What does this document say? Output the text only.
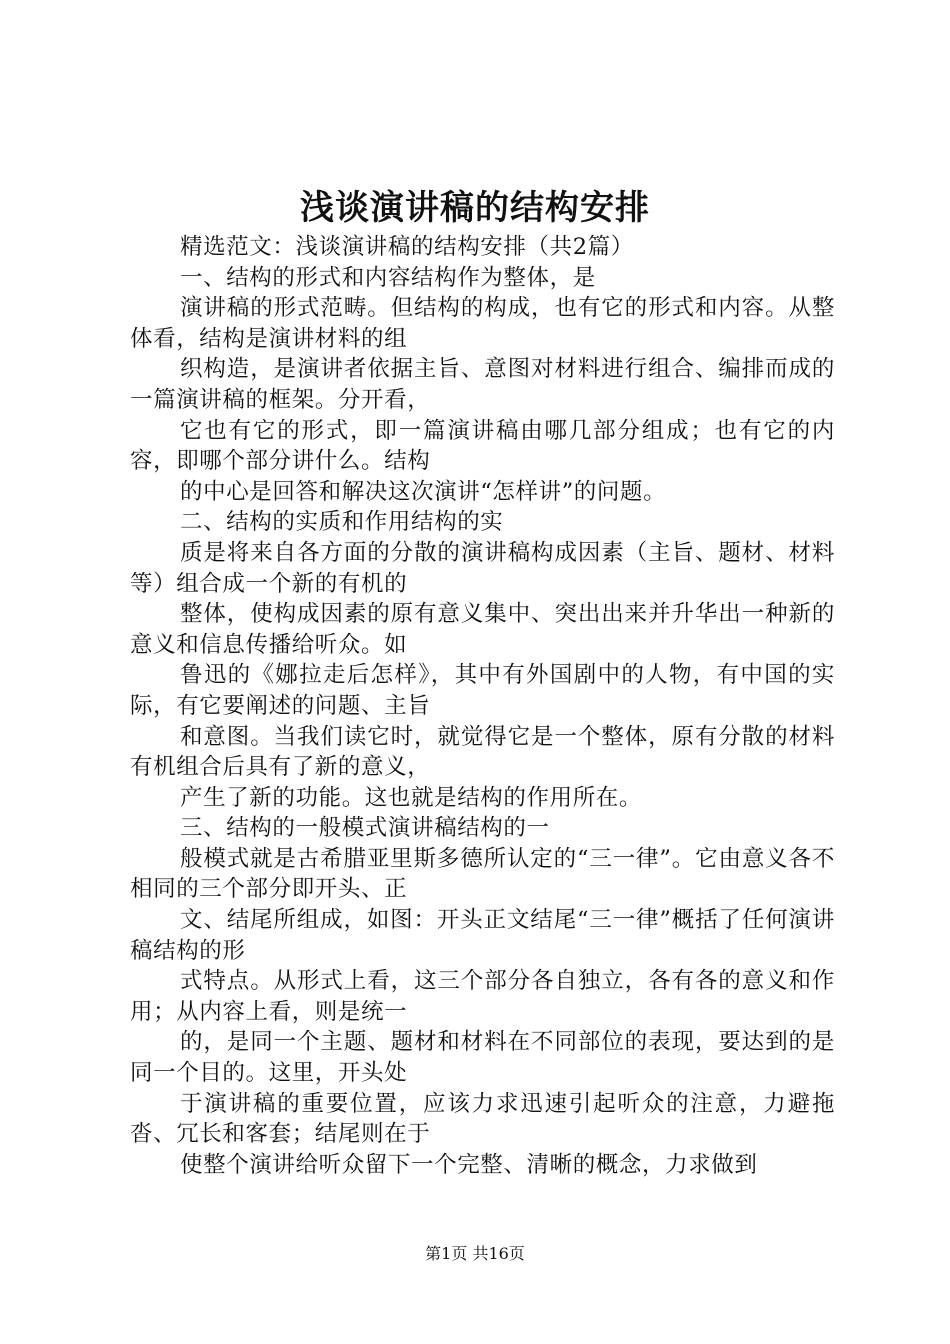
浅谈演讲稿的结构安排

精选范文：浅谈演讲稿的结构安排（共2篇）

一、结构的形式和内容结构作为整体，是

演讲稿的形式范畴。但结构的构成，也有它的形式和内容。从整体看，结构是演讲材料的组

织构造，是演讲者依据主旨、意图对材料进行组合、编排而成的一篇演讲稿的框架。分开看，

它也有它的形式，即一篇演讲稿由哪几部分组成；也有它的内容，即哪个部分讲什么。结构

的中心是回答和解决这次演讲“怎样讲”的问题。

二、结构的实质和作用结构的实

质是将来自各方面的分散的演讲稿构成因素（主旨、题材、材料等）组合成一个新的有机的

整体，使构成因素的原有意义集中、突出出来并升华出一种新的意义和信息传播给听众。如

鲁迅的《娜拉走后怎样》，其中有外国剧中的人物，有中国的实际，有它要阐述的问题、主旨

和意图。当我们读它时，就觉得它是一个整体，原有分散的材料有机组合后具有了新的意义，

产生了新的功能。这也就是结构的作用所在。

三、结构的一般模式演讲稿结构的一

般模式就是古希腊亚里斯多德所认定的“三一律”。它由意义各不相同的三个部分即开头、正

文、结尾所组成，如图：开头正文结尾“三一律”概括了任何演讲稿结构的形

式特点。从形式上看，这三个部分各自独立，各有各的意义和作用；从内容上看，则是统一

的，是同一个主题、题材和材料在不同部位的表现，要达到的是同一个目的。这里，开头处

于演讲稿的重要位置，应该力求迅速引起听众的注意，力避拖沓、冗长和客套；结尾则在于

使整个演讲给听众留下一个完整、清晰的概念，力求做到

第1页 共16页
